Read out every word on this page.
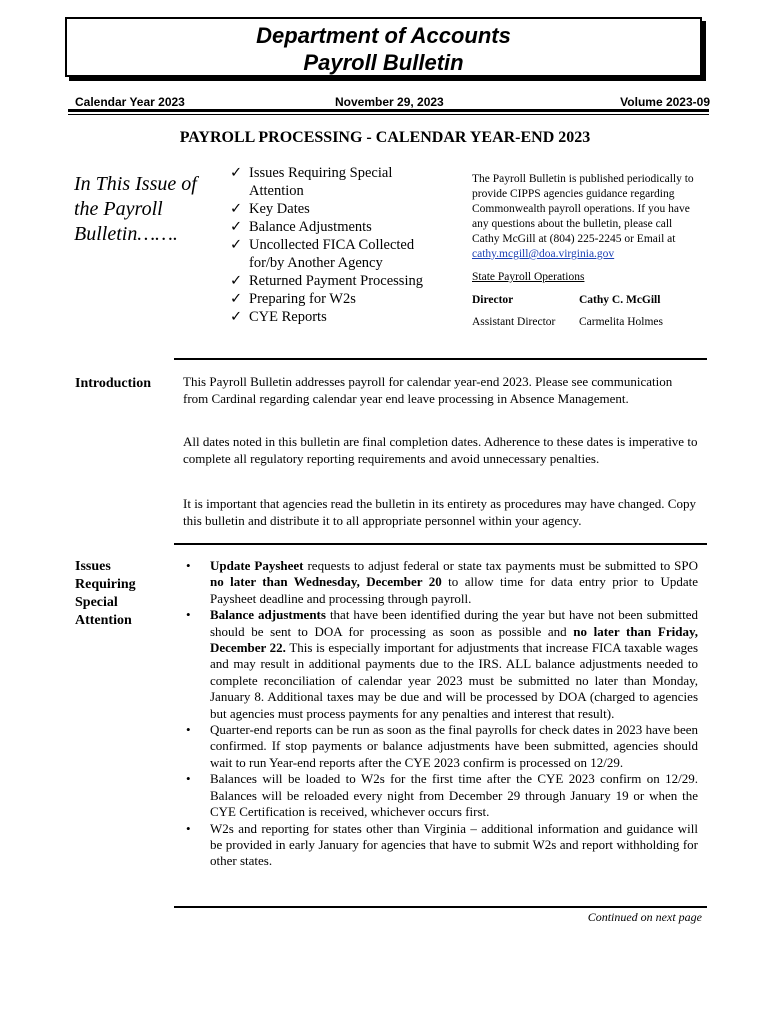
Department of Accounts
Payroll Bulletin
Calendar Year 2023	November 29, 2023	Volume 2023-09
PAYROLL PROCESSING - CALENDAR YEAR-END 2023
In This Issue of
the Payroll
Bulletin…….
✓ Issues Requiring Special Attention
✓ Key Dates
✓ Balance Adjustments
✓ Uncollected FICA Collected for/by Another Agency
✓ Returned Payment Processing
✓ Preparing for W2s
✓ CYE Reports
The Payroll Bulletin is published periodically to provide CIPPS agencies guidance regarding Commonwealth payroll operations. If you have any questions about the bulletin, please call Cathy McGill at (804) 225-2245 or Email at
cathy.mcgill@doa.virginia.gov
State Payroll Operations
Director	Cathy C. McGill
Assistant Director Carmelita Holmes
Introduction This Payroll Bulletin addresses payroll for calendar year-end 2023. Please see communication from Cardinal regarding calendar year end leave processing in Absence Management.
All dates noted in this bulletin are final completion dates. Adherence to these dates is imperative to complete all regulatory reporting requirements and avoid unnecessary penalties.
It is important that agencies read the bulletin in its entirety as procedures may have changed. Copy this bulletin and distribute it to all appropriate personnel within your agency.
Issues
Requiring
Special
Attention
• Update Paysheet requests to adjust federal or state tax payments must be submitted to SPO no later than Wednesday, December 20 to allow time for data entry prior to Update Paysheet deadline and processing through payroll.
• Balance adjustments that have been identified during the year but have not been submitted should be sent to DOA for processing as soon as possible and no later than Friday, December 22. This is especially important for adjustments that increase FICA taxable wages and may result in additional payments due to the IRS. ALL balance adjustments needed to complete reconciliation of calendar year 2023 must be submitted no later than Monday, January 8. Additional taxes may be due and will be processed by DOA (charged to agencies but agencies must process payments for any penalties and interest that result).
• Quarter-end reports can be run as soon as the final payrolls for check dates in 2023 have been confirmed. If stop payments or balance adjustments have been submitted, agencies should wait to run Year-end reports after the CYE 2023 confirm is processed on 12/29.
• Balances will be loaded to W2s for the first time after the CYE 2023 confirm on 12/29. Balances will be reloaded every night from December 29 through January 19 or when the CYE Certification is received, whichever occurs first.
• W2s and reporting for states other than Virginia – additional information and guidance will be provided in early January for agencies that have to submit W2s and report withholding for other states.
Continued on next page
